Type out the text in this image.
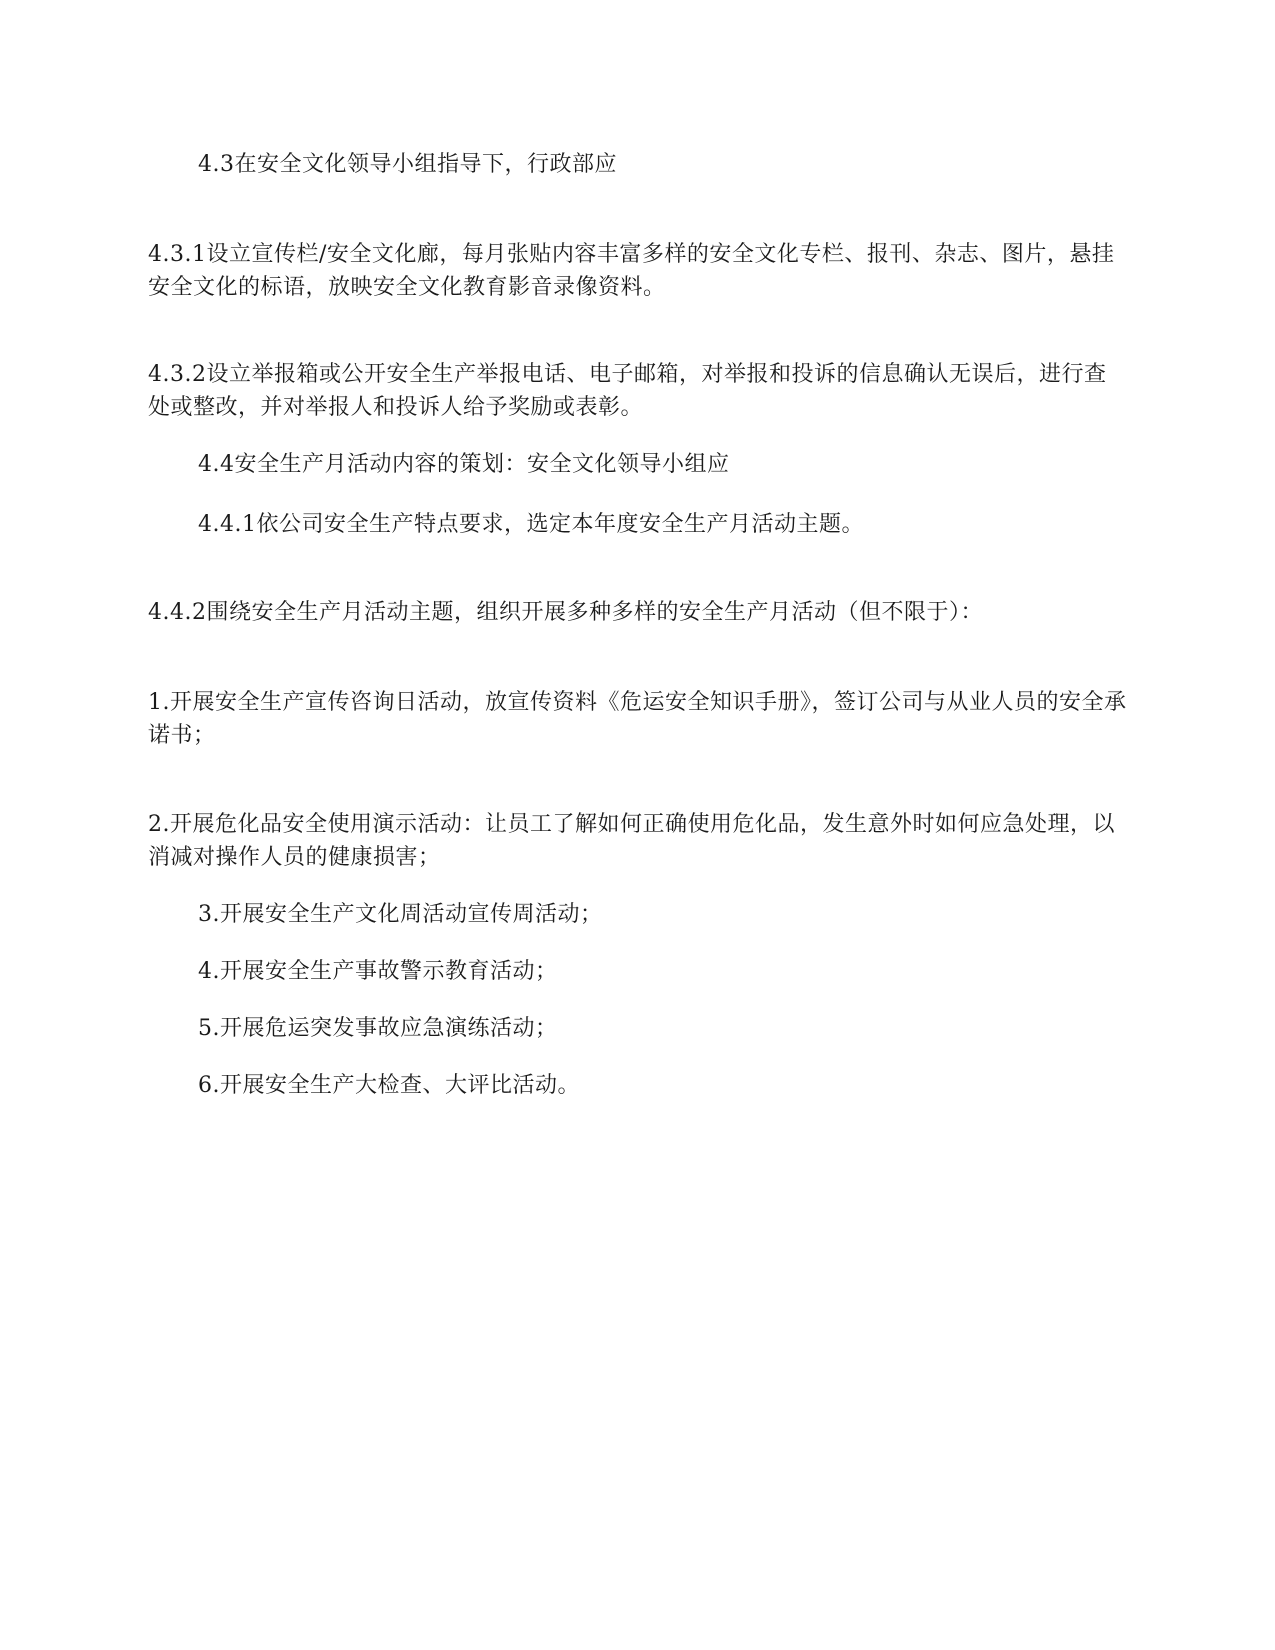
4.3在安全文化领导小组指导下，行政部应

4.3.1设立宣传栏/安全文化廊，每月张贴内容丰富多样的安全文化专栏、报刊、杂志、图片，悬挂安全文化的标语，放映安全文化教育影音录像资料。

4.3.2设立举报箱或公开安全生产举报电话、电子邮箱，对举报和投诉的信息确认无误后，进行查处或整改，并对举报人和投诉人给予奖励或表彰。

4.4安全生产月活动内容的策划：安全文化领导小组应

4.4.1依公司安全生产特点要求，选定本年度安全生产月活动主题。

4.4.2围绕安全生产月活动主题，组织开展多种多样的安全生产月活动（但不限于）：

1.开展安全生产宣传咨询日活动，放宣传资料《危运安全知识手册》，签订公司与从业人员的安全承诺书；

2.开展危化品安全使用演示活动：让员工了解如何正确使用危化品，发生意外时如何应急处理，以消减对操作人员的健康损害；

3.开展安全生产文化周活动宣传周活动；

4.开展安全生产事故警示教育活动；

5.开展危运突发事故应急演练活动；

6.开展安全生产大检查、大评比活动。
